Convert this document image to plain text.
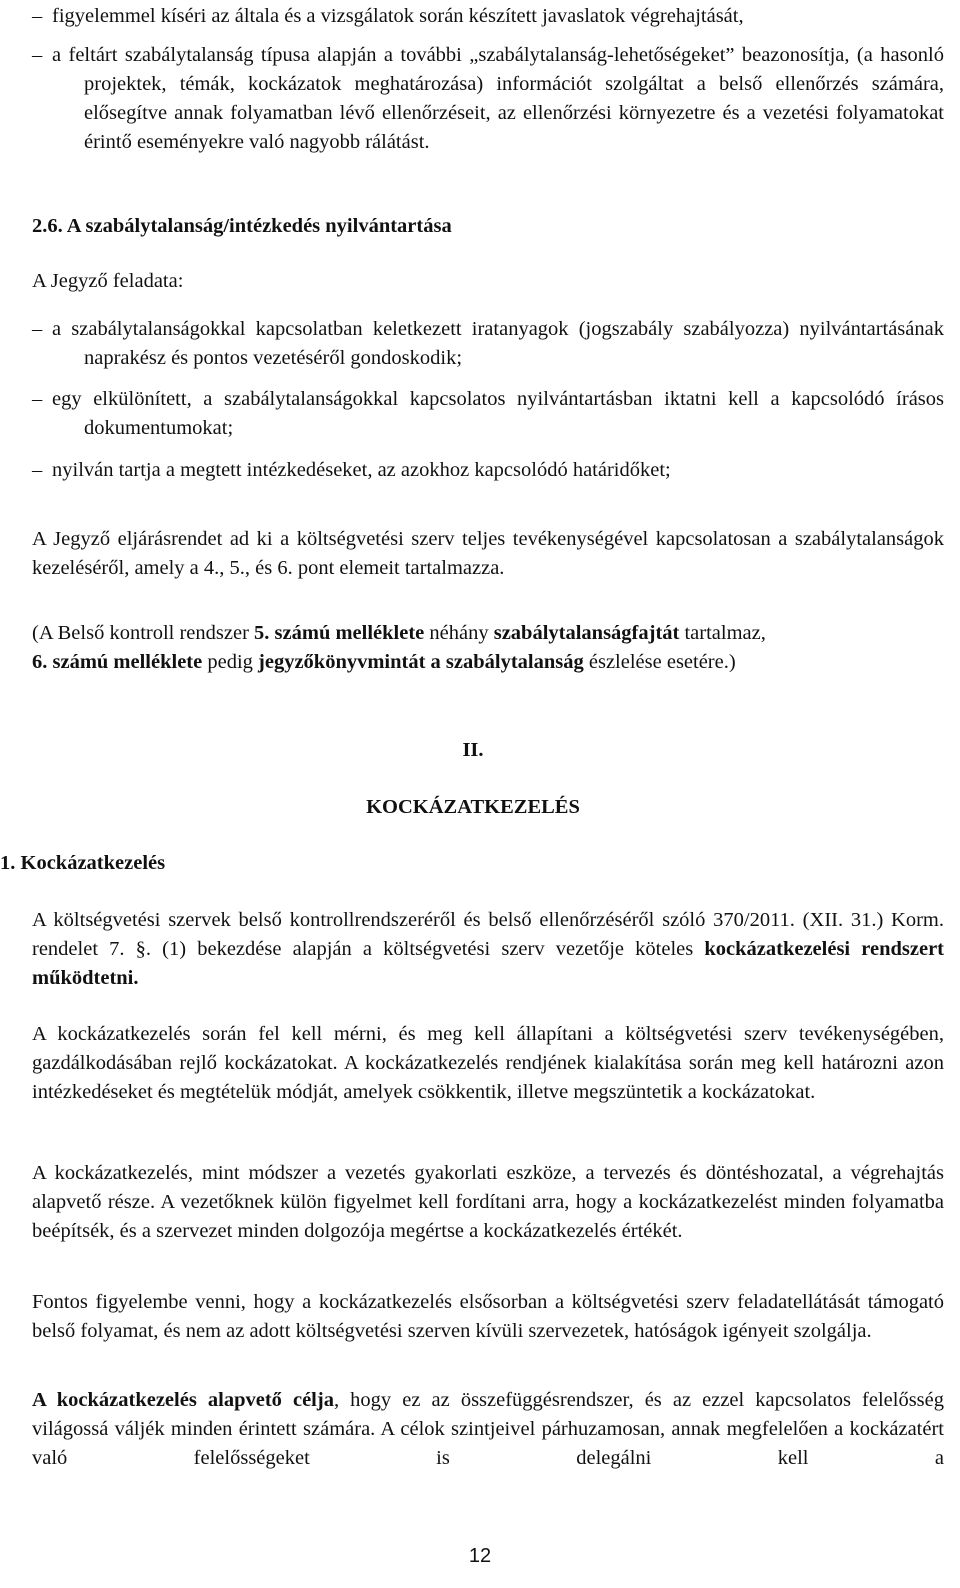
– figyelemmel kíséri az általa és a vizsgálatok során készített javaslatok végrehajtását,

– a feltárt szabálytalanság típusa alapján a további „szabálytalanság-lehetőségeket” beazonosítja, (a hasonló projektek, témák, kockázatok meghatározása) információt szolgáltat a belső ellenőrzés számára, elősegítve annak folyamatban lévő ellenőrzéseit, az ellenőrzési környezetre és a vezetési folyamatokat érintő eseményekre való nagyobb rálátást.

2.6. A szabálytalanság/intézkedés nyilvántartása

A Jegyző feladata:

– a szabálytalanságokkal kapcsolatban keletkezett iratanyagok (jogszabály szabályozza) nyilvántartásának naprakész és pontos vezetéséről gondoskodik;

– egy elkülönített, a szabálytalanságokkal kapcsolatos nyilvántartásban iktatni kell a kapcsolódó írásos dokumentumokat;

– nyilván tartja a megtett intézkedéseket, az azokhoz kapcsolódó határidőket;

A Jegyző eljárásrendet ad ki a költségvetési szerv teljes tevékenységével kapcsolatosan a szabálytalanságok kezeléséről, amely a 4., 5., és 6. pont elemeit tartalmazza.

(A Belső kontroll rendszer 5. számú melléklete néhány szabálytalanságfajtát tartalmaz,
6. számú melléklete pedig jegyzőkönyvmintát a szabálytalanság észlelése esetére.)

II.

KOCKÁZATKEZELÉS

1. Kockázatkezelés

A költségvetési szervek belső kontrollrendszeréről és belső ellenőrzéséről szóló 370/2011. (XII. 31.) Korm. rendelet 7. §. (1) bekezdése alapján a költségvetési szerv vezetője köteles kockázatkezelési rendszert működtetni.

A kockázatkezelés során fel kell mérni, és meg kell állapítani a költségvetési szerv tevékenységében, gazdálkodásában rejlő kockázatokat. A kockázatkezelés rendjének kialakítása során meg kell határozni azon intézkedéseket és megtételük módját, amelyek csökkentik, illetve megszüntetik a kockázatokat.

A kockázatkezelés, mint módszer a vezetés gyakorlati eszköze, a tervezés és döntéshozatal, a végrehajtás alapvető része. A vezetőknek külön figyelmet kell fordítani arra, hogy a kockázatkezelést minden folyamatba beépítsék, és a szervezet minden dolgozója megértse a kockázatkezelés értékét.

Fontos figyelembe venni, hogy a kockázatkezelés elsősorban a költségvetési szerv feladatellátását támogató belső folyamat, és nem az adott költségvetési szerven kívüli szervezetek, hatóságok igényeit szolgálja.

A kockázatkezelés alapvető célja, hogy ez az összefüggésrendszer, és az ezzel kapcsolatos felelősség világossá váljék minden érintett számára. A célok szintjeivel párhuzamosan, annak megfelelően a kockázatért való felelősségeket is delegálni kell a

12
